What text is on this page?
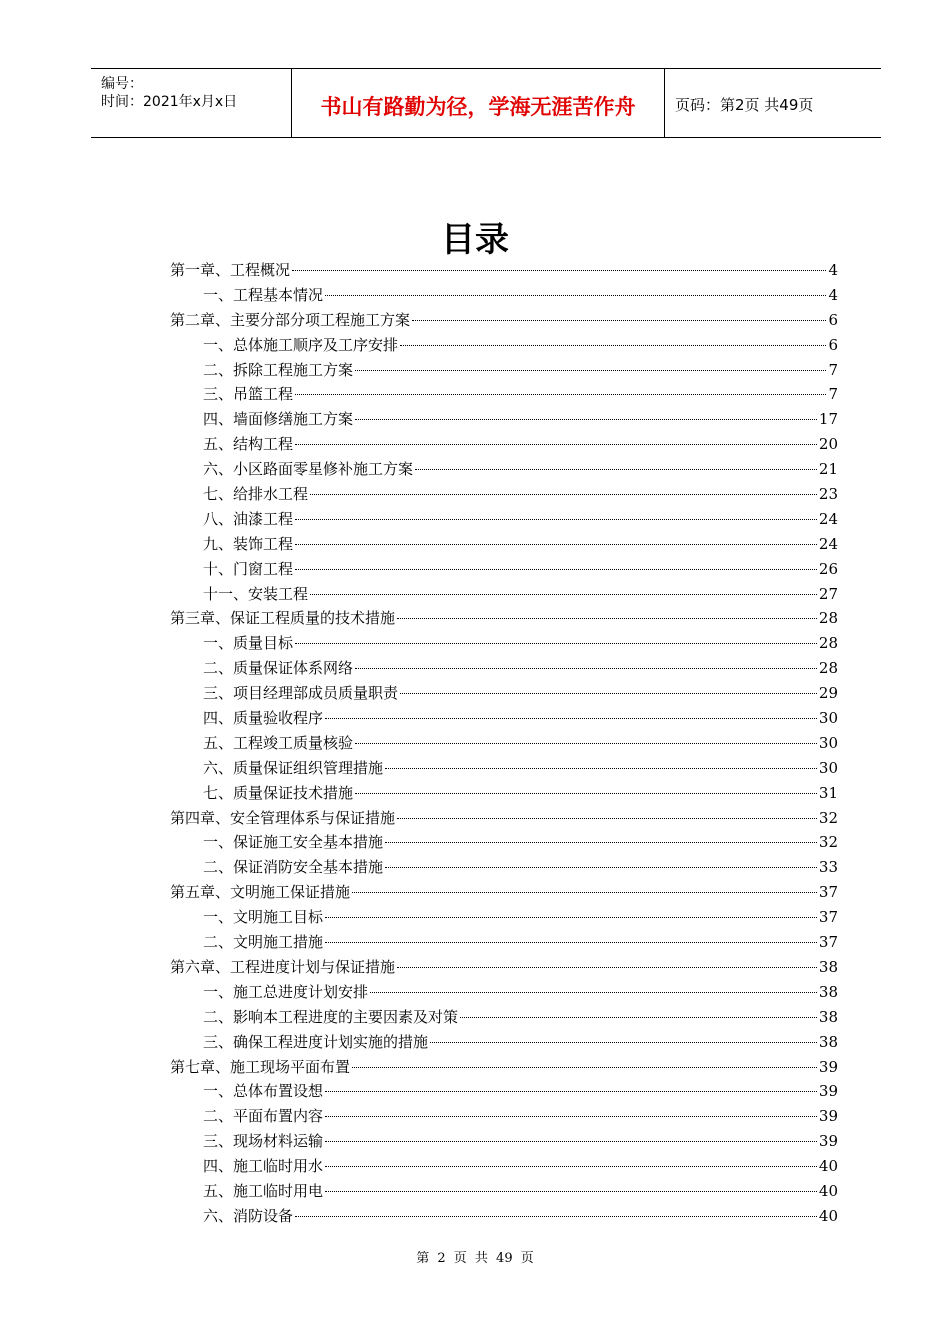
编号：
时间：2021年x月x日	书山有路勤为径，学海无涯苦作舟	页码：第2页 共49页
目录
第一章、工程概况	4
一、工程基本情况	4
第二章、主要分部分项工程施工方案	6
一、总体施工顺序及工序安排	6
二、拆除工程施工方案	7
三、吊篮工程	7
四、墙面修缮施工方案	17
五、结构工程	20
六、小区路面零星修补施工方案	21
七、给排水工程	23
八、油漆工程	24
九、装饰工程	24
十、门窗工程	26
十一、安装工程	27
第三章、保证工程质量的技术措施	28
一、质量目标	28
二、质量保证体系网络	28
三、项目经理部成员质量职责	29
四、质量验收程序	30
五、工程竣工质量核验	30
六、质量保证组织管理措施	30
七、质量保证技术措施	31
第四章、安全管理体系与保证措施	32
一、保证施工安全基本措施	32
二、保证消防安全基本措施	33
第五章、文明施工保证措施	37
一、文明施工目标	37
二、文明施工措施	37
第六章、工程进度计划与保证措施	38
一、施工总进度计划安排	38
二、影响本工程进度的主要因素及对策	38
三、确保工程进度计划实施的措施	38
第七章、施工现场平面布置	39
一、总体布置设想	39
二、平面布置内容	39
三、现场材料运输	39
四、施工临时用水	40
五、施工临时用电	40
六、消防设备	40
第 2 页 共 49 页
